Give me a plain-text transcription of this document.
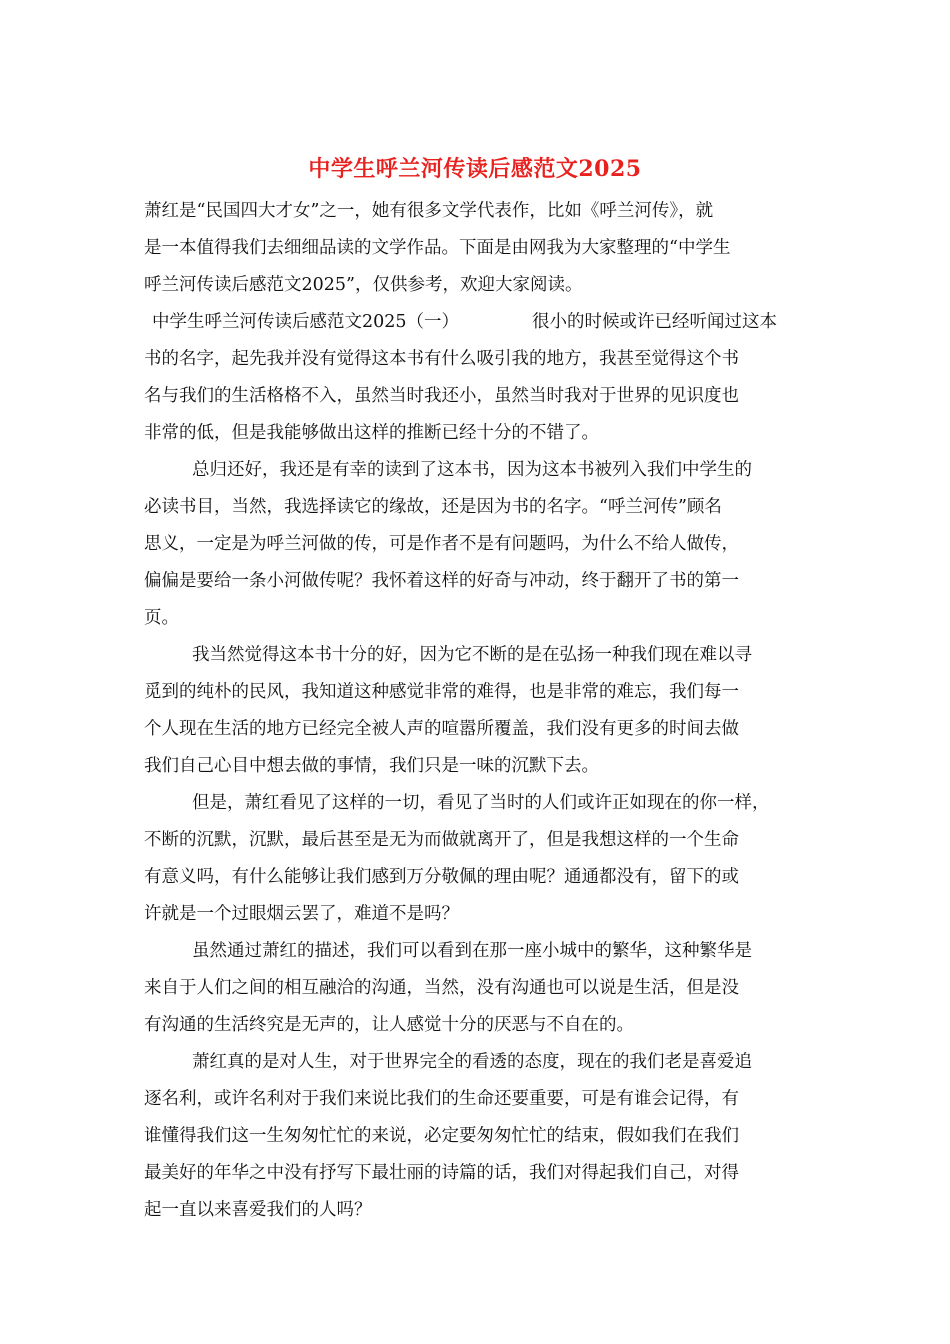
中学生呼兰河传读后感范文2025
萧红是“民国四大才女”之一，她有很多文学代表作，比如《呼兰河传》，就
是一本值得我们去细细品读的文学作品。下面是由网我为大家整理的“中学生
呼兰河传读后感范文2025”，仅供参考，欢迎大家阅读。
中学生呼兰河传读后感范文2025（一）	很小的时候或许已经听闻过这本
书的名字，起先我并没有觉得这本书有什么吸引我的地方，我甚至觉得这个书
名与我们的生活格格不入，虽然当时我还小，虽然当时我对于世界的见识度也
非常的低，但是我能够做出这样的推断已经十分的不错了。
总归还好，我还是有幸的读到了这本书，因为这本书被列入我们中学生的
必读书目，当然，我选择读它的缘故，还是因为书的名字。“呼兰河传”顾名
思义，一定是为呼兰河做的传，可是作者不是有问题吗，为什么不给人做传，
偏偏是要给一条小河做传呢？我怀着这样的好奇与冲动，终于翻开了书的第一
页。
我当然觉得这本书十分的好，因为它不断的是在弘扬一种我们现在难以寻
觅到的纯朴的民风，我知道这种感觉非常的难得，也是非常的难忘，我们每一
个人现在生活的地方已经完全被人声的喧嚣所覆盖，我们没有更多的时间去做
我们自己心目中想去做的事情，我们只是一味的沉默下去。
但是，萧红看见了这样的一切，看见了当时的人们或许正如现在的你一样，
不断的沉默，沉默，最后甚至是无为而做就离开了，但是我想这样的一个生命
有意义吗，有什么能够让我们感到万分敬佩的理由呢？通通都没有，留下的或
许就是一个过眼烟云罢了，难道不是吗？
虽然通过萧红的描述，我们可以看到在那一座小城中的繁华，这种繁华是
来自于人们之间的相互融洽的沟通，当然，没有沟通也可以说是生活，但是没
有沟通的生活终究是无声的，让人感觉十分的厌恶与不自在的。
萧红真的是对人生，对于世界完全的看透的态度，现在的我们老是喜爱追
逐名利，或许名利对于我们来说比我们的生命还要重要，可是有谁会记得，有
谁懂得我们这一生匆匆忙忙的来说，必定要匆匆忙忙的结束，假如我们在我们
最美好的年华之中没有抒写下最壮丽的诗篇的话，我们对得起我们自己，对得
起一直以来喜爱我们的人吗？
